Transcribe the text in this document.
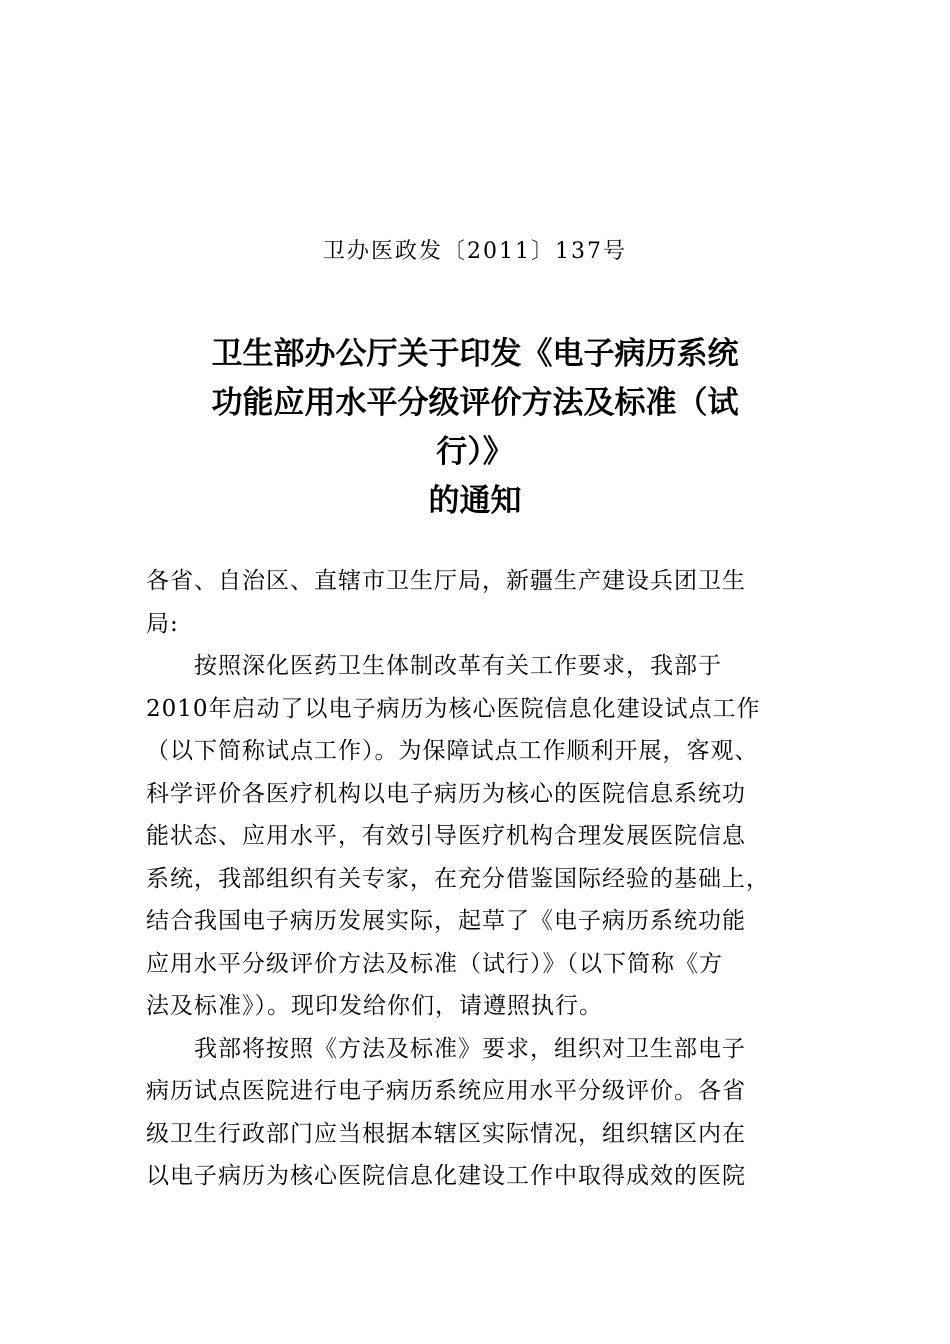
卫办医政发〔2011〕137号
卫生部办公厅关于印发《电子病历系统
功能应用水平分级评价方法及标准（试
行）》
的通知
各省、自治区、直辖市卫生厅局，新疆生产建设兵团卫生
局:
　　按照深化医药卫生体制改革有关工作要求，我部于
2010年启动了以电子病历为核心医院信息化建设试点工作
（以下简称试点工作）。为保障试点工作顺利开展，客观、
科学评价各医疗机构以电子病历为核心的医院信息系统功
能状态、应用水平，有效引导医疗机构合理发展医院信息
系统，我部组织有关专家，在充分借鉴国际经验的基础上，
结合我国电子病历发展实际，起草了《电子病历系统功能
应用水平分级评价方法及标准（试行）》（以下简称《方
法及标准》）。现印发给你们，请遵照执行。
　　我部将按照《方法及标准》要求，组织对卫生部电子
病历试点医院进行电子病历系统应用水平分级评价。各省
级卫生行政部门应当根据本辖区实际情况，组织辖区内在
以电子病历为核心医院信息化建设工作中取得成效的医院
